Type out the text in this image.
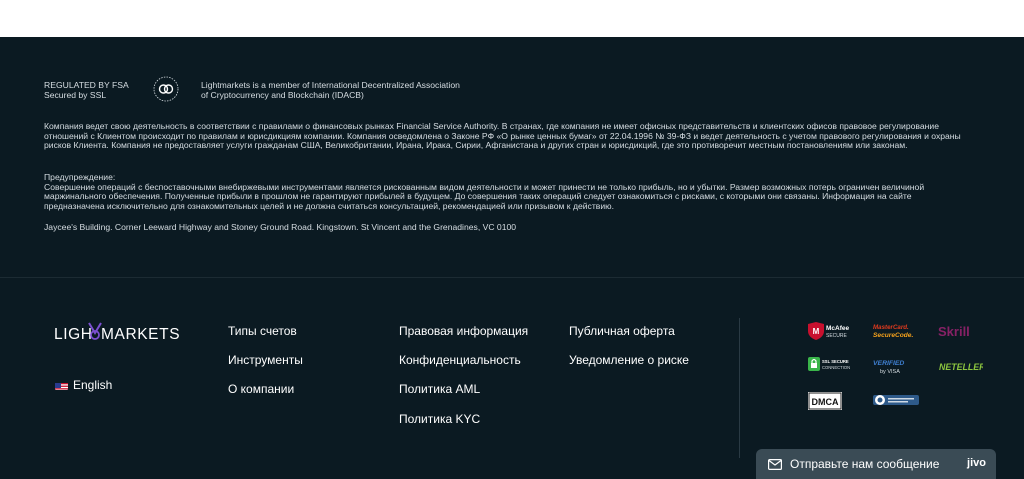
REGULATED BY FSA
Secured by SSL
Lightmarkets is a member of International Decentralized Association
of Cryptocurrency and Blockchain (IDACB)
Компания ведет свою деятельность в соответствии с правилами о финансовых рынках Financial Service Authority. В странах, где компания не имеет офисных представительств и клиентских офисов правовое регулирование отношений с Клиентом происходит по правилам и юрисдикциям компании. Компания осведомлена о Законе РФ «О рынке ценных бумаг» от 22.04.1996 № 39-ФЗ и ведет деятельность с учетом правового регулирования и охраны рисков Клиента. Компания не предоставляет услуги гражданам США, Великобритании, Ирана, Ирака, Сирии, Афганистана и других стран и юрисдикций, где это противоречит местным постановлениям или законам.
Предупреждение:
Совершение операций с беспоставочными внебиржевыми инструментами является рискованным видом деятельности и может принести не только прибыль, но и убытки. Размер возможных потерь ограничен величиной маржинального обеспечения. Полученные прибыли в прошлом не гарантируют прибылей в будущем. До совершения таких операций следует ознакомиться с рисками, с которыми они связаны. Информация на сайте предназначена исключительно для ознакомительных целей и не должна считаться консультацией, рекомендацией или призывом к действию.
Jaycee's Building. Corner Leeward Highway and Stoney Ground Road. Kingstown. St Vincent and the Grenadines, VC 0100
LIGH MARKETS
English
Типы счетов
Инструменты
О компании
Правовая информация
Конфиденциальность
Политика AML
Политика KYC
Публичная оферта
Уведомление о риске
M McAfee
SECURE
MasterCard.
SecureCode. Skrill
SSL SECURE
CONNECTION
VERIFIED
by VISA	NETELLER
DMCA
Отправьте нам сообщение	jivo
